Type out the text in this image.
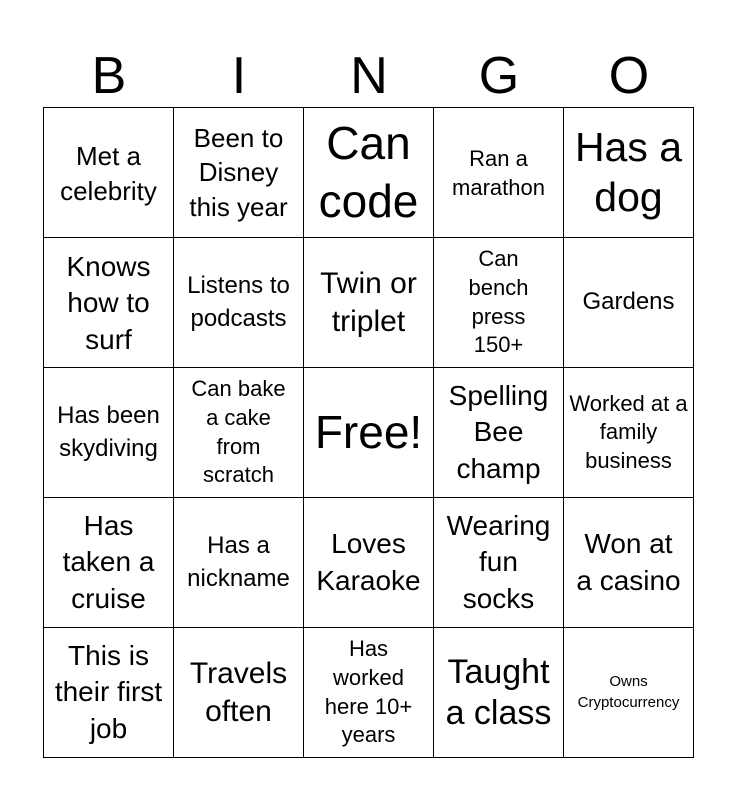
B	I	N	G	O
Met a celebrity
Been to Disney this year
Can code
Ran a marathon
Has a dog
Knows how to surf
Listens to podcasts
Twin or triplet
Can bench press 150+
Gardens
Has been skydiving
Can bake a cake from scratch
Free!
Spelling Bee champ
Worked at a family business
Has taken a cruise
Has a nickname
Loves Karaoke
Wearing fun socks
Won at a casino
This is their first job
Travels often
Has worked here 10+ years
Taught a class
Owns Cryptocurrency
